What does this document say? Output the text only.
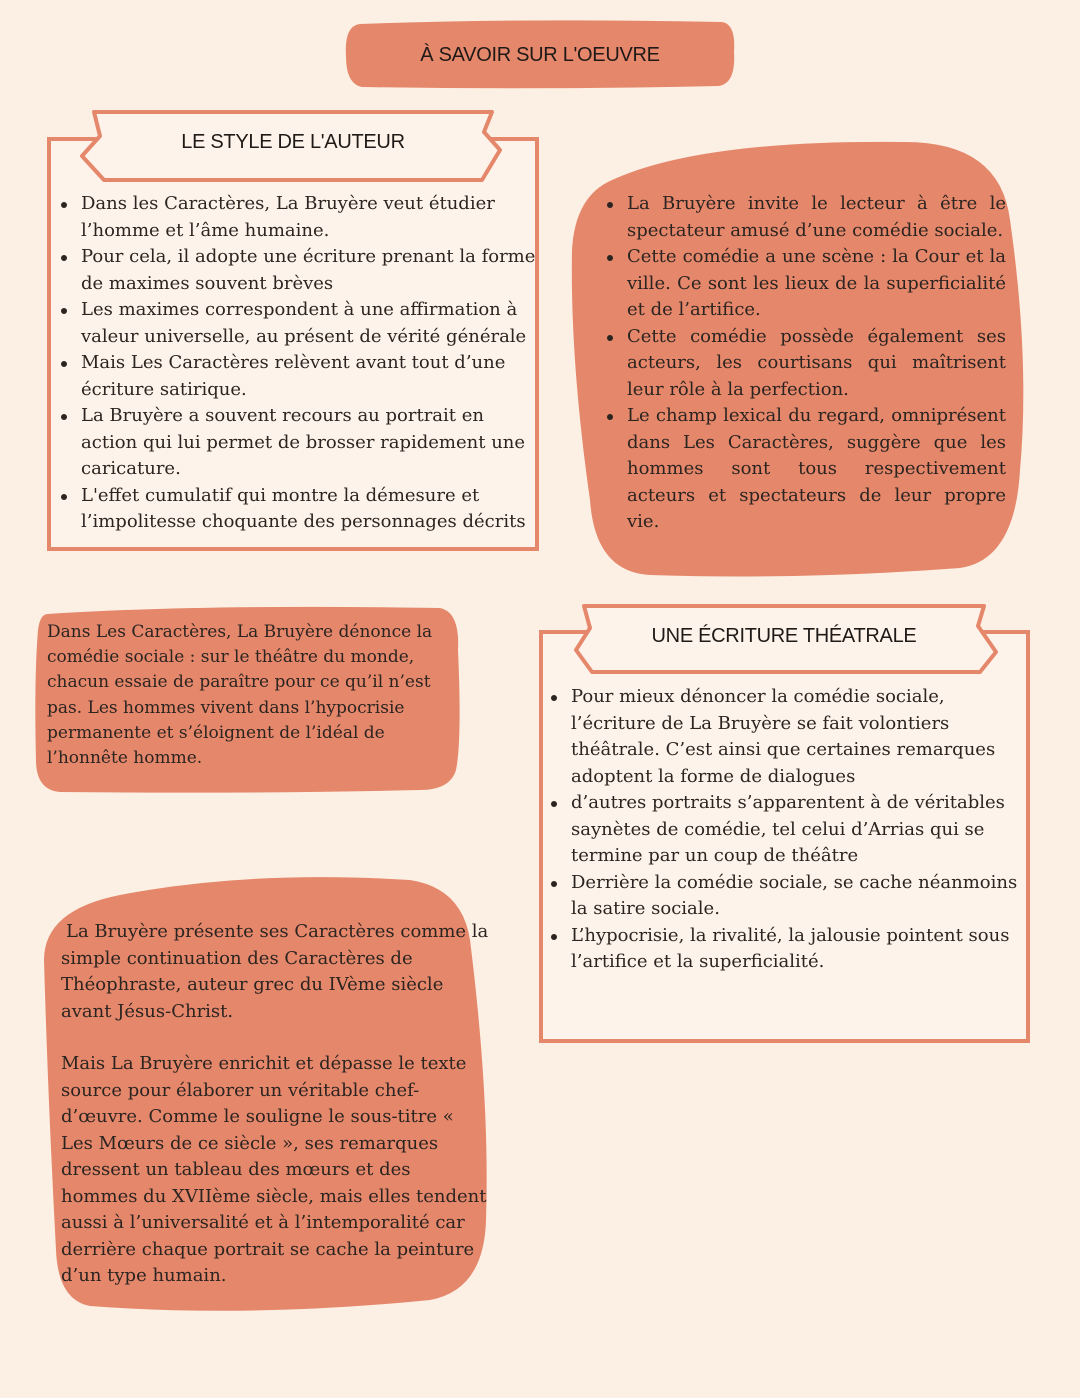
À SAVOIR SUR L'OEUVRE
LE STYLE DE L'AUTEUR
Dans les Caractères, La Bruyère veut étudier l’homme et l’âme humaine.
Pour cela, il adopte une écriture prenant la forme de maximes souvent brèves
Les maximes correspondent à une affirmation à valeur universelle, au présent de vérité générale
Mais Les Caractères relèvent avant tout d’une écriture satirique.
La Bruyère a souvent recours au portrait en action qui lui permet de brosser rapidement une caricature.
L'effet cumulatif qui montre la démesure et l’impolitesse choquante des personnages décrits
La Bruyère invite le lecteur à être le spectateur amusé d’une comédie sociale.
Cette comédie a une scène : la Cour et la ville. Ce sont les lieux de la superficialité et de l’artifice.
Cette comédie possède également ses acteurs, les courtisans qui maîtrisent leur rôle à la perfection.
Le champ lexical du regard, omniprésent dans Les Caractères, suggère que les hommes sont tous respectivement acteurs et spectateurs de leur propre vie.

Dans Les Caractères, La Bruyère dénonce la comédie sociale : sur le théâtre du monde, chacun essaie de paraître pour ce qu’il n’est pas. Les hommes vivent dans l’hypocrisie permanente et s’éloignent de l’idéal de l’honnête homme.

UNE ÉCRITURE THÉATRALE
Pour mieux dénoncer la comédie sociale, l’écriture de La Bruyère se fait volontiers théâtrale. C’est ainsi que certaines remarques adoptent la forme de dialogues
d’autres portraits s’apparentent à de véritables saynètes de comédie, tel celui d’Arrias qui se termine par un coup de théâtre
Derrière la comédie sociale, se cache néanmoins la satire sociale.
L’hypocrisie, la rivalité, la jalousie pointent sous l’artifice et la superficialité.

La Bruyère présente ses Caractères comme la simple continuation des Caractères de Théophraste, auteur grec du IVème siècle avant Jésus-Christ.

Mais La Bruyère enrichit et dépasse le texte source pour élaborer un véritable chef-d’œuvre. Comme le souligne le sous-titre « Les Mœurs de ce siècle », ses remarques dressent un tableau des mœurs et des hommes du XVIIème siècle, mais elles tendent aussi à l’universalité et à l’intemporalité car derrière chaque portrait se cache la peinture d’un type humain.
